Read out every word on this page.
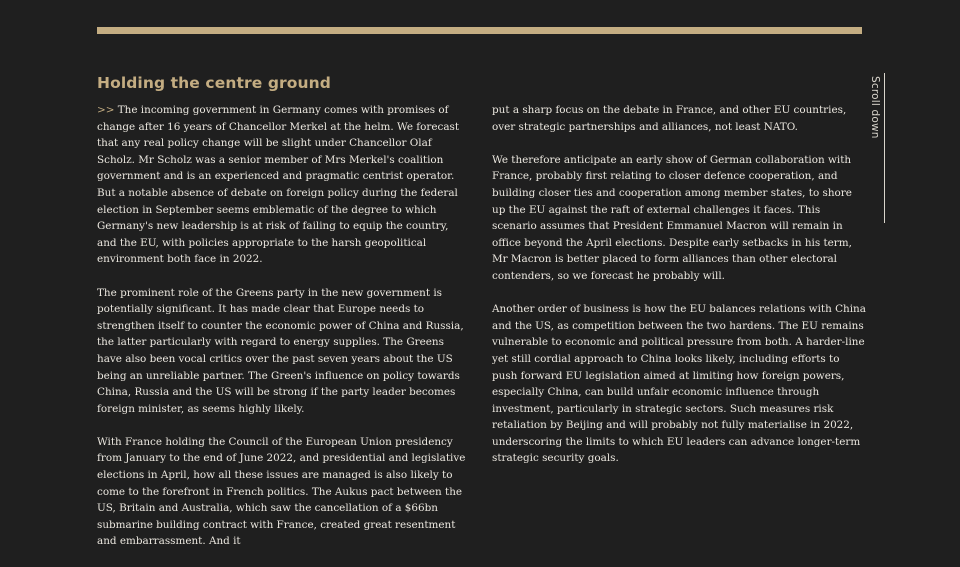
Holding the centre ground

>> The incoming government in Germany comes with promises of change after 16 years of Chancellor Merkel at the helm. We forecast that any real policy change will be slight under Chancellor Olaf Scholz. Mr Scholz was a senior member of Mrs Merkel's coalition government and is an experienced and pragmatic centrist operator. But a notable absence of debate on foreign policy during the federal election in September seems emblematic of the degree to which Germany's new leadership is at risk of failing to equip the country, and the EU, with policies appropriate to the harsh geopolitical environment both face in 2022.

The prominent role of the Greens party in the new government is potentially significant. It has made clear that Europe needs to strengthen itself to counter the economic power of China and Russia, the latter particularly with regard to energy supplies. The Greens have also been vocal critics over the past seven years about the US being an unreliable partner. The Green's influence on policy towards China, Russia and the US will be strong if the party leader becomes foreign minister, as seems highly likely.

With France holding the Council of the European Union presidency from January to the end of June 2022, and presidential and legislative elections in April, how all these issues are managed is also likely to come to the forefront in French politics. The Aukus pact between the US, Britain and Australia, which saw the cancellation of a $66bn submarine building contract with France, created great resentment and embarrassment. And it

put a sharp focus on the debate in France, and other EU countries, over strategic partnerships and alliances, not least NATO.

We therefore anticipate an early show of German collaboration with France, probably first relating to closer defence cooperation, and building closer ties and cooperation among member states, to shore up the EU against the raft of external challenges it faces. This scenario assumes that President Emmanuel Macron will remain in office beyond the April elections. Despite early setbacks in his term, Mr Macron is better placed to form alliances than other electoral contenders, so we forecast he probably will.

Another order of business is how the EU balances relations with China and the US, as competition between the two hardens. The EU remains vulnerable to economic and political pressure from both. A harder-line yet still cordial approach to China looks likely, including efforts to push forward EU legislation aimed at limiting how foreign powers, especially China, can build unfair economic influence through investment, particularly in strategic sectors. Such measures risk retaliation by Beijing and will probably not fully materialise in 2022, underscoring the limits to which EU leaders can advance longer-term strategic security goals.

Scroll down
